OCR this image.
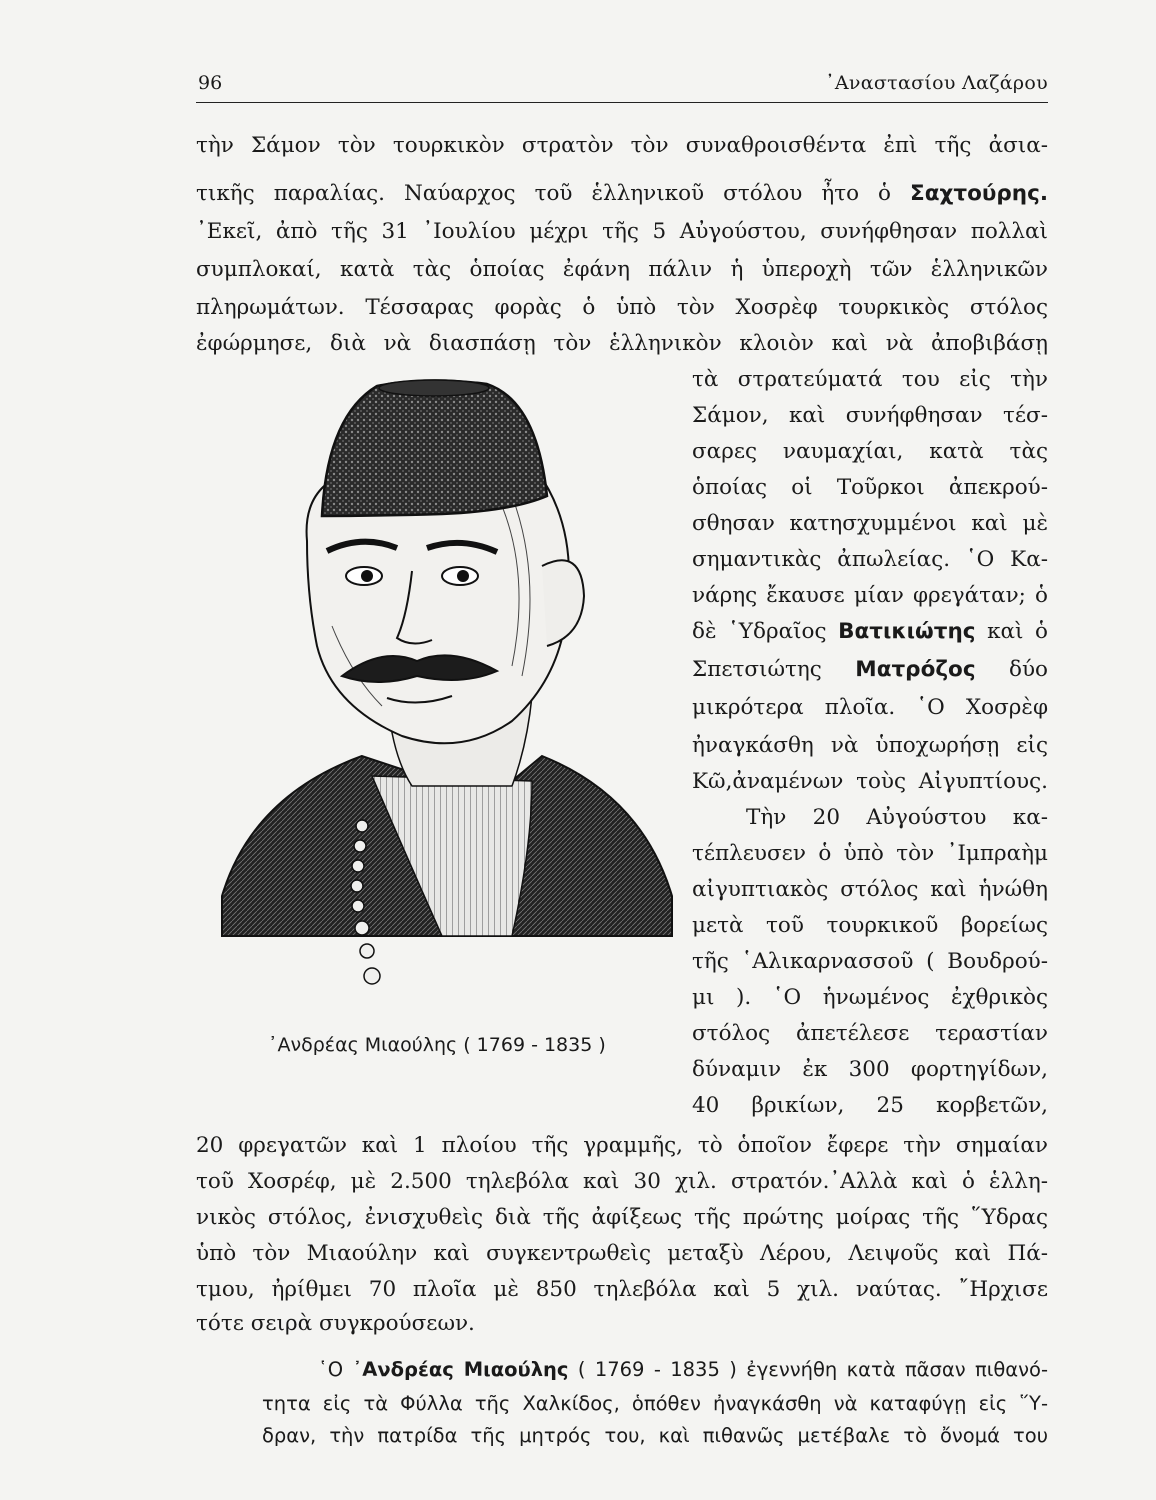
96	᾿Αναστασίου Λαζάρου
τὴν Σάμον τὸν τουρκικὸν στρατὸν τὸν συναθροισθέντα ἐπὶ τῆς ἀσια-
τικῆς παραλίας. Ναύαρχος τοῦ ἑλληνικοῦ στόλου ἦτο ὁ Σαχτούρης.
᾿Εκεῖ, ἀπὸ τῆς 31 ᾿Ιουλίου μέχρι τῆς 5 Αὐγούστου, συνήφθησαν πολλαὶ
συμπλοκαί, κατὰ τὰς ὁποίας ἐφάνη πάλιν ἡ ὑπεροχὴ τῶν ἑλληνικῶν
πληρωμάτων. Τέσσαρας φορὰς ὁ ὑπὸ τὸν Χοσρὲφ τουρκικὸς στόλος
ἐφώρμησε, διὰ νὰ διασπάσῃ τὸν ἑλληνικὸν κλοιὸν καὶ νὰ ἀποβιβάσῃ
᾿Ανδρέας Μιαούλης ( 1769 - 1835 )
τὰ στρατεύματά του εἰς τὴν
Σάμον, καὶ συνήφθησαν τέσ-
σαρες ναυμαχίαι, κατὰ τὰς
ὁποίας οἱ Τοῦρκοι ἀπεκρού-
σθησαν κατησχυμμένοι καὶ μὲ
σημαντικὰς ἀπωλείας. ῾Ο Κα-
νάρης ἔκαυσε μίαν φρεγάταν; ὁ
δὲ ῾Υδραῖος Βατικιώτης καὶ ὁ
Σπετσιώτης Ματρόζος δύο
μικρότερα πλοῖα. ῾Ο Χοσρὲφ
ἠναγκάσθη νὰ ὑποχωρήσῃ εἰς
Κῶ,ἀναμένων τοὺς Αἰγυπτίους.
Τὴν 20 Αὐγούστου κα-
τέπλευσεν ὁ ὑπὸ τὸν ᾿Ιμπραὴμ
αἰγυπτιακὸς στόλος καὶ ἡνώθη
μετὰ τοῦ τουρκικοῦ βορείως
τῆς ῾Αλικαρνασσοῦ ( Βουδρού-
μι ). ῾Ο ἡνωμένος ἐχθρικὸς
στόλος ἀπετέλεσε τεραστίαν
δύναμιν ἐκ 300 φορτηγίδων,
40 βρικίων, 25 κορβετῶν,
20 φρεγατῶν καὶ 1 πλοίου τῆς γραμμῆς, τὸ ὁποῖον ἔφερε τὴν σημαίαν
τοῦ Χοσρέφ, μὲ 2.500 τηλεβόλα καὶ 30 χιλ. στρατόν.᾿Αλλὰ καὶ ὁ ἑλλη-
νικὸς στόλος, ἐνισχυθεὶς διὰ τῆς ἀφίξεως τῆς πρώτης μοίρας τῆς ῞Υδρας
ὑπὸ τὸν Μιαούλην καὶ συγκεντρωθεὶς μεταξὺ Λέρου, Λειψοῦς καὶ Πά-
τμου, ἠρίθμει 70 πλοῖα μὲ 850 τηλεβόλα καὶ 5 χιλ. ναύτας. ῎Ηρχισε
τότε σειρὰ συγκρούσεων.
῾Ο ᾿Ανδρέας Μιαούλης ( 1769 - 1835 ) ἐγεννήθη κατὰ πᾶσαν πιθανό-
τητα εἰς τὰ Φύλλα τῆς Χαλκίδος, ὁπόθεν ἠναγκάσθη νὰ καταφύγῃ εἰς ῞Υ-
δραν, τὴν πατρίδα τῆς μητρός του, καὶ πιθανῶς μετέβαλε τὸ ὄνομά του
